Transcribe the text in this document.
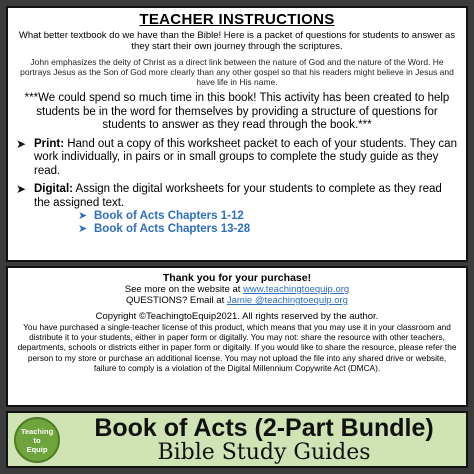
TEACHER INSTRUCTIONS

What better textbook do we have than the Bible! Here is a packet of questions for students to answer as they start their own journey through the scriptures.

John emphasizes the deity of Christ as a direct link between the nature of God and the nature of the Word. He portrays Jesus as the Son of God more clearly than any other gospel so that his readers might believe in Jesus and have life in His name.

***We could spend so much time in this book! This activity has been created to help students be in the word for themselves by providing a structure of questions for students to answer as they read through the book.***

➤ Print: Hand out a copy of this worksheet packet to each of your students. They can work individually, in pairs or in small groups to complete the study guide as they read.
➤ Digital: Assign the digital worksheets for your students to complete as they read the assigned text.
➤ Book of Acts Chapters 1-12
➤ Book of Acts Chapters 13-28

Thank you for your purchase!

See more on the website at www.teachingtoequip.org

QUESTIONS? Email at Jamie @teachingtoequip.org

Copyright ©TeachingtoEquip2021. All rights reserved by the author.

You have purchased a single-teacher license of this product, which means that you may use it in your classroom and distribute it to your students, either in paper form or digitally. You may not: share the resource with other teachers, departments, schools or districts either in paper form or digitally. If you would like to share the resource, please refer the person to my store or purchase an additional license. You may not upload the file into any shared drive or website, failure to comply is a violation of the Digital Millennium Copywrite Act (DMCA).

Teaching
to
Equip
Book of Acts (2-Part Bundle)
Bible Study Guides
